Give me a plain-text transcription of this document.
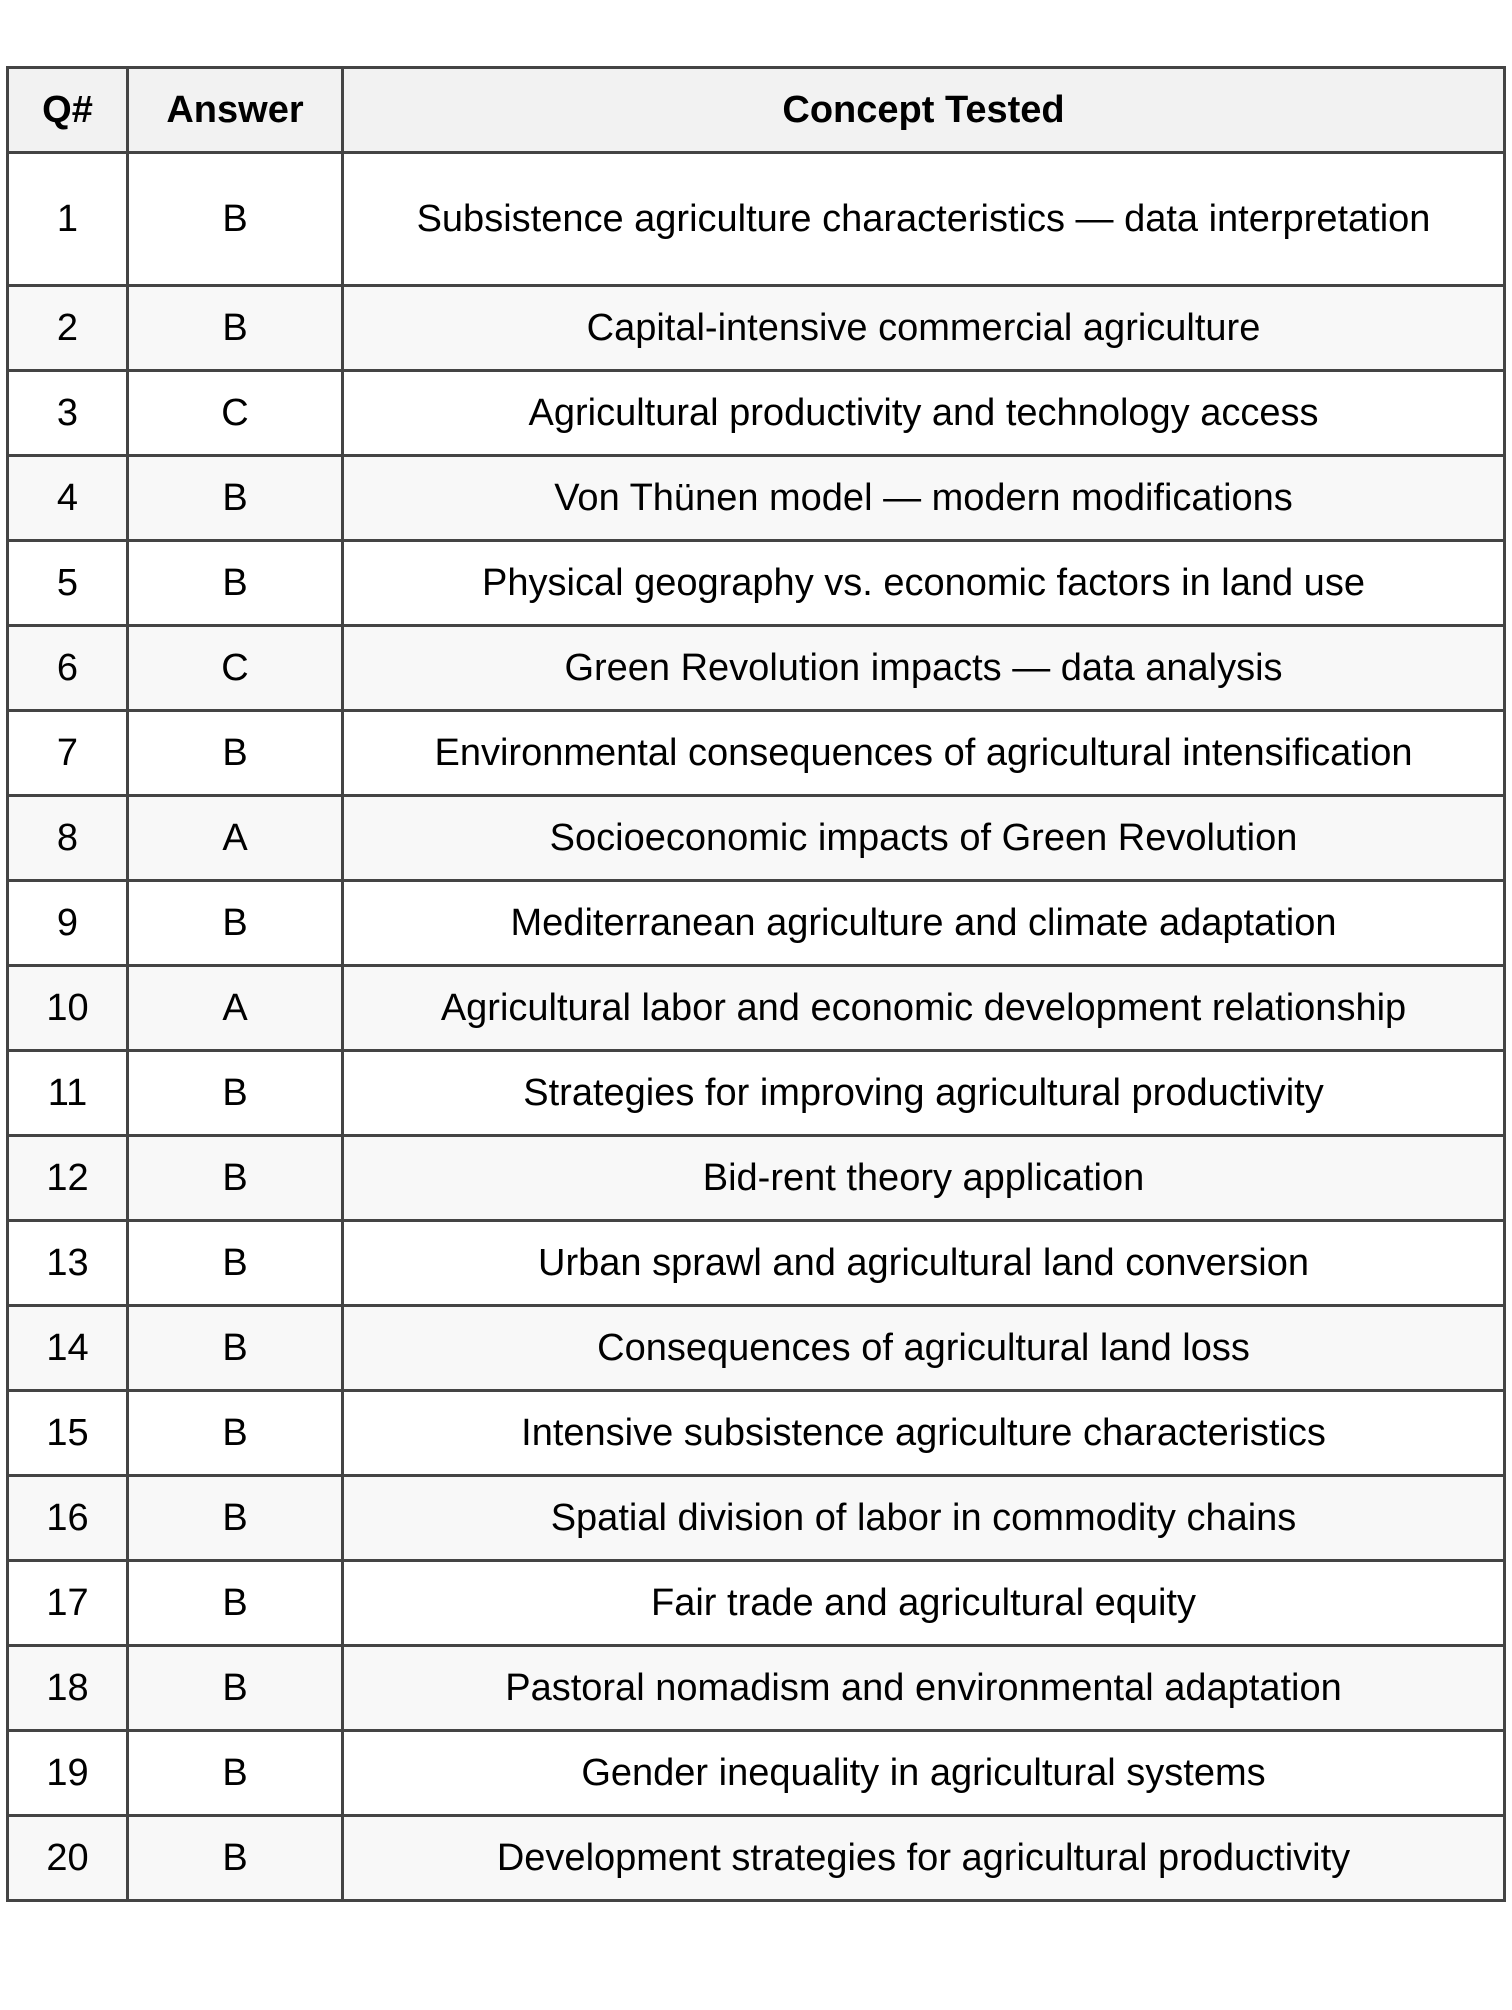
Q#	Answer	Concept Tested
1	B	Subsistence agriculture characteristics — data interpretation
2	B	Capital-intensive commercial agriculture
3	C	Agricultural productivity and technology access
4	B	Von Thünen model — modern modifications
5	B	Physical geography vs. economic factors in land use
6	C	Green Revolution impacts — data analysis
7	B	Environmental consequences of agricultural intensification
8	A	Socioeconomic impacts of Green Revolution
9	B	Mediterranean agriculture and climate adaptation
10	A	Agricultural labor and economic development relationship
11	B	Strategies for improving agricultural productivity
12	B	Bid-rent theory application
13	B	Urban sprawl and agricultural land conversion
14	B	Consequences of agricultural land loss
15	B	Intensive subsistence agriculture characteristics
16	B	Spatial division of labor in commodity chains
17	B	Fair trade and agricultural equity
18	B	Pastoral nomadism and environmental adaptation
19	B	Gender inequality in agricultural systems
20	B	Development strategies for agricultural productivity
